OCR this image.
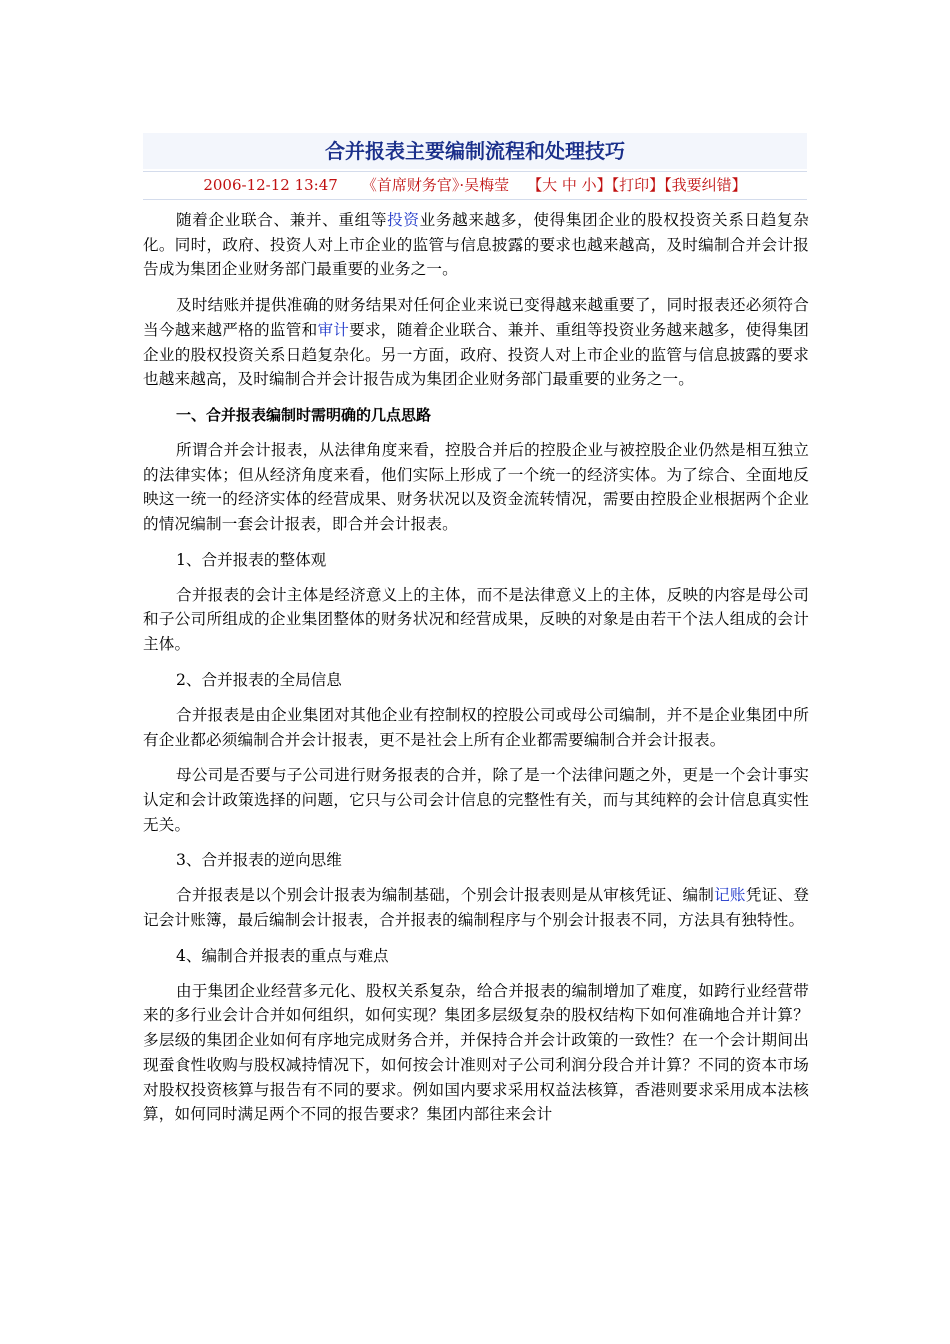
合并报表主要编制流程和处理技巧
2006-12-12 13:47 《首席财务官》·吴梅莹 【大 中 小】【打印】【我要纠错】

随着企业联合、兼并、重组等投资业务越来越多，使得集团企业的股权投资关系日趋复杂化。同时，政府、投资人对上市企业的监管与信息披露的要求也越来越高，及时编制合并会计报告成为集团企业财务部门最重要的业务之一。

及时结账并提供准确的财务结果对任何企业来说已变得越来越重要了，同时报表还必须符合当今越来越严格的监管和审计要求，随着企业联合、兼并、重组等投资业务越来越多，使得集团企业的股权投资关系日趋复杂化。另一方面，政府、投资人对上市企业的监管与信息披露的要求也越来越高，及时编制合并会计报告成为集团企业财务部门最重要的业务之一。

一、合并报表编制时需明确的几点思路

所谓合并会计报表，从法律角度来看，控股合并后的控股企业与被控股企业仍然是相互独立的法律实体；但从经济角度来看，他们实际上形成了一个统一的经济实体。为了综合、全面地反映这一统一的经济实体的经营成果、财务状况以及资金流转情况，需要由控股企业根据两个企业的情况编制一套会计报表，即合并会计报表。

1、合并报表的整体观

合并报表的会计主体是经济意义上的主体，而不是法律意义上的主体，反映的内容是母公司和子公司所组成的企业集团整体的财务状况和经营成果，反映的对象是由若干个法人组成的会计主体。

2、合并报表的全局信息

合并报表是由企业集团对其他企业有控制权的控股公司或母公司编制，并不是企业集团中所有企业都必须编制合并会计报表，更不是社会上所有企业都需要编制合并会计报表。

母公司是否要与子公司进行财务报表的合并，除了是一个法律问题之外，更是一个会计事实认定和会计政策选择的问题，它只与公司会计信息的完整性有关，而与其纯粹的会计信息真实性无关。

3、合并报表的逆向思维

合并报表是以个别会计报表为编制基础，个别会计报表则是从审核凭证、编制记账凭证、登记会计账簿，最后编制会计报表，合并报表的编制程序与个别会计报表不同，方法具有独特性。

4、编制合并报表的重点与难点

由于集团企业经营多元化、股权关系复杂，给合并报表的编制增加了难度，如跨行业经营带来的多行业会计合并如何组织，如何实现？集团多层级复杂的股权结构下如何准确地合并计算？多层级的集团企业如何有序地完成财务合并，并保持合并会计政策的一致性？在一个会计期间出现蚕食性收购与股权减持情况下，如何按会计准则对子公司利润分段合并计算？不同的资本市场对股权投资核算与报告有不同的要求。例如国内要求采用权益法核算，香港则要求采用成本法核算，如何同时满足两个不同的报告要求？集团内部往来会计
